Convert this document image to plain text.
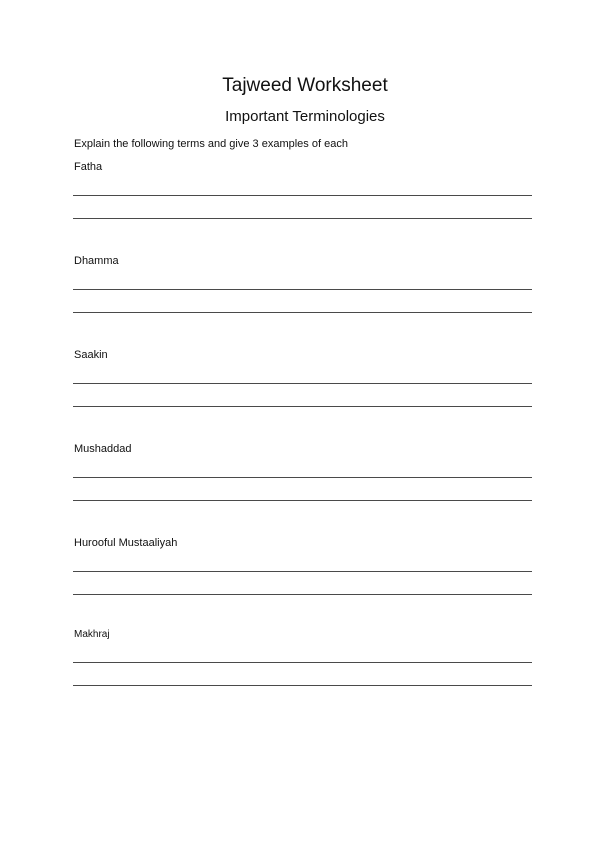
Tajweed Worksheet
Important Terminologies
Explain the following terms and give 3 examples of each
Fatha
Dhamma
Saakin
Mushaddad
Hurooful Mustaaliyah
Makhraj
